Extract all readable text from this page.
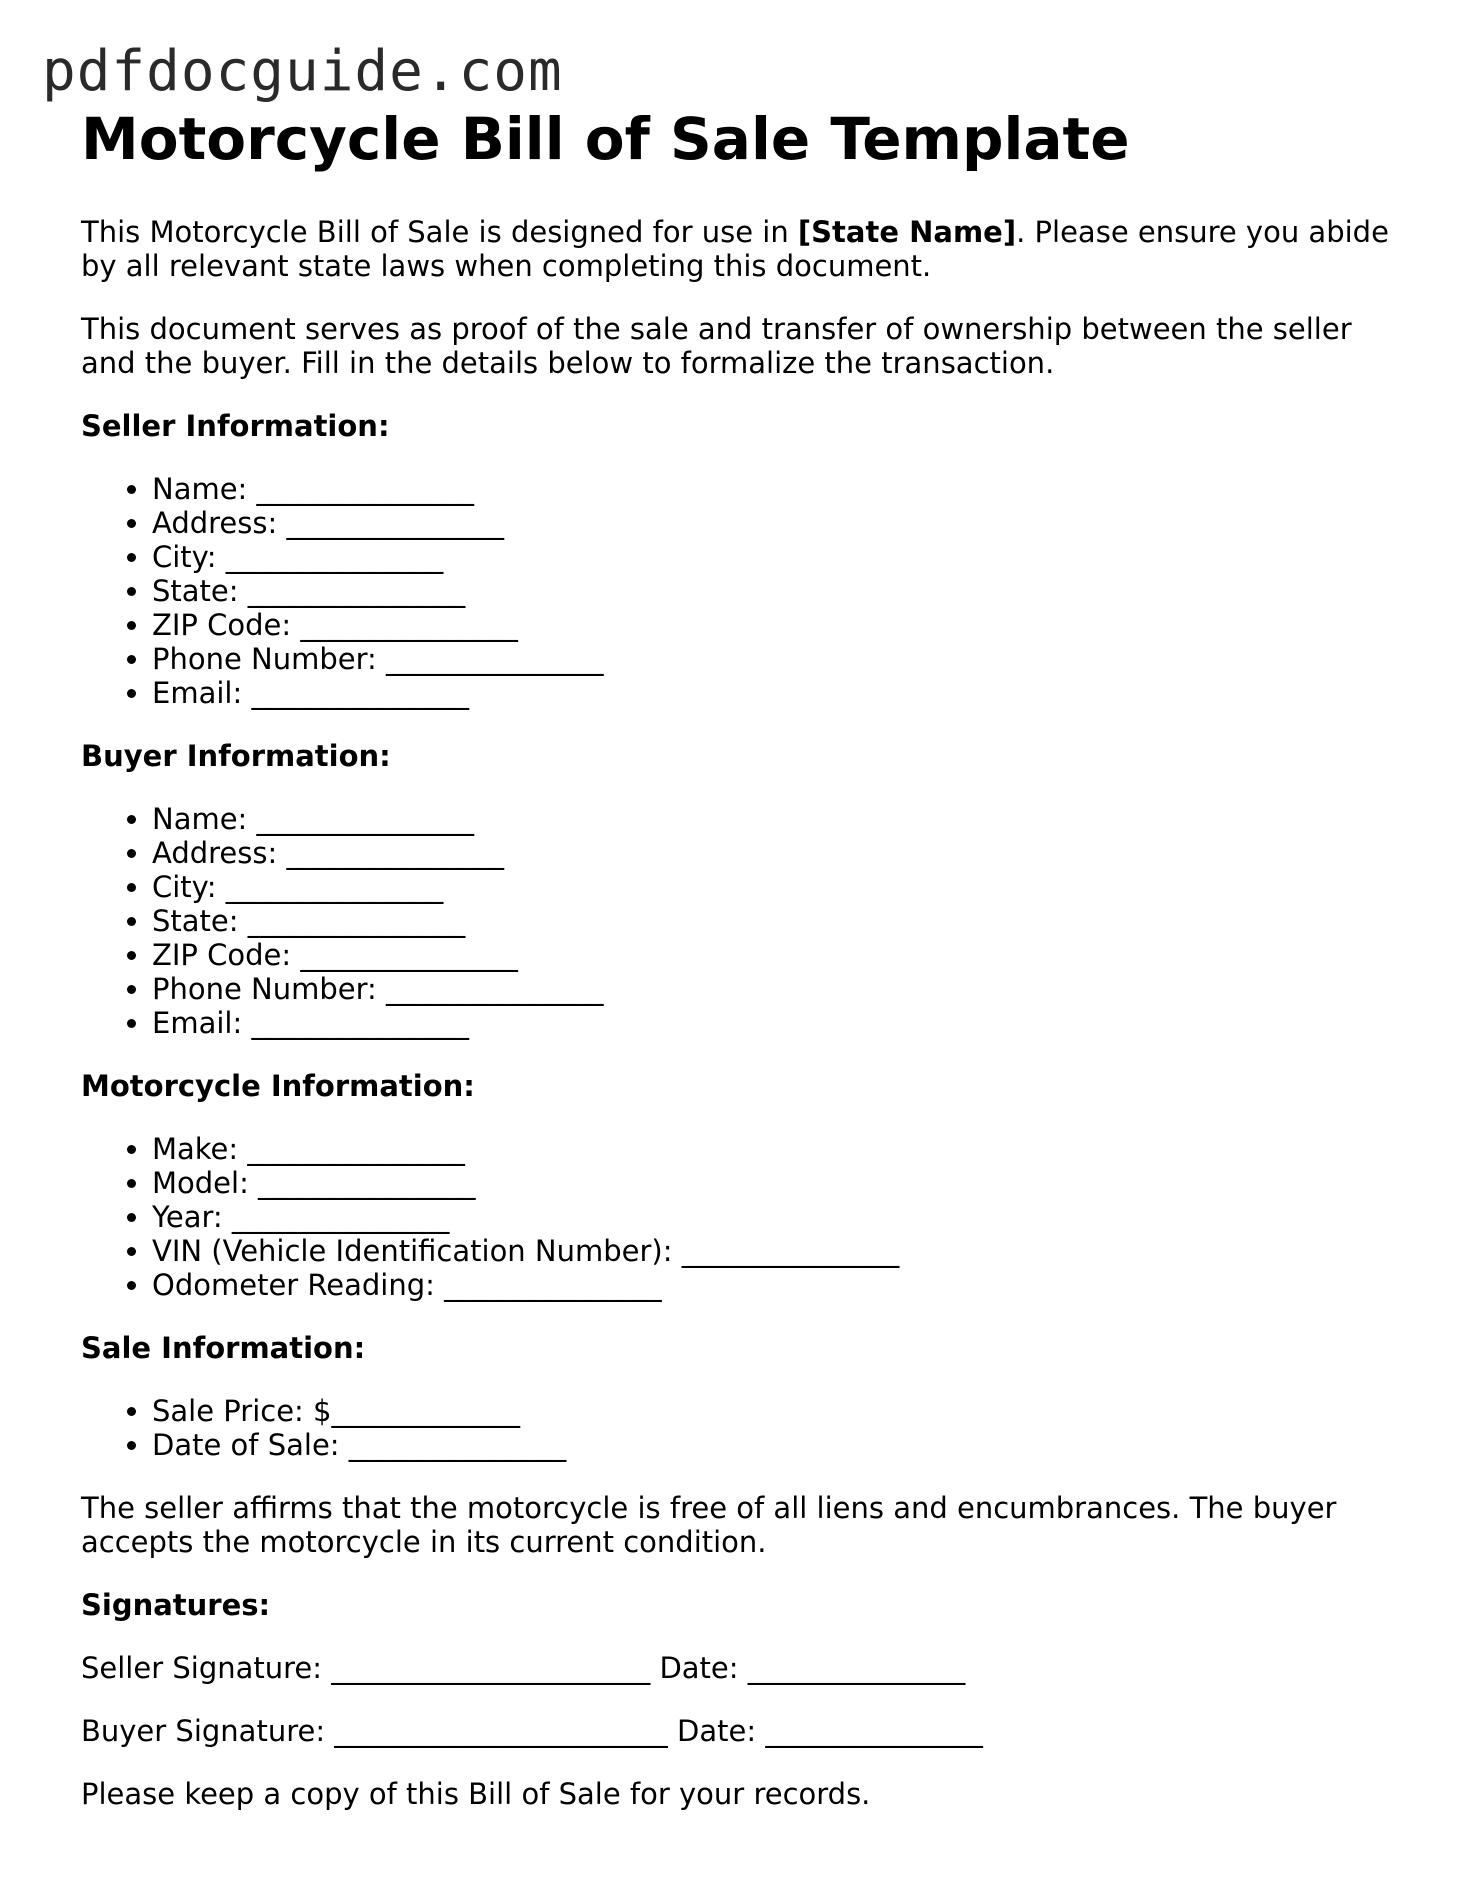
pdfdocguide.com
Motorcycle Bill of Sale Template

This Motorcycle Bill of Sale is designed for use in [State Name]. Please ensure you abide by all relevant state laws when completing this document.

This document serves as proof of the sale and transfer of ownership between the seller and the buyer. Fill in the details below to formalize the transaction.

Seller Information:
• Name: _______________
• Address: _______________
• City: _______________
• State: _______________
• ZIP Code: _______________
• Phone Number: _______________
• Email: _______________
Buyer Information:
• Name: _______________
• Address: _______________
• City: _______________
• State: _______________
• ZIP Code: _______________
• Phone Number: _______________
• Email: _______________
Motorcycle Information:
• Make: _______________
• Model: _______________
• Year: _______________
• VIN (Vehicle Identification Number): _______________
• Odometer Reading: _______________
Sale Information:
• Sale Price: $_____________
• Date of Sale: _______________

The seller affirms that the motorcycle is free of all liens and encumbrances. The buyer accepts the motorcycle in its current condition.

Signatures:

Seller Signature: ______________________ Date: _______________

Buyer Signature: _______________________ Date: _______________

Please keep a copy of this Bill of Sale for your records.
